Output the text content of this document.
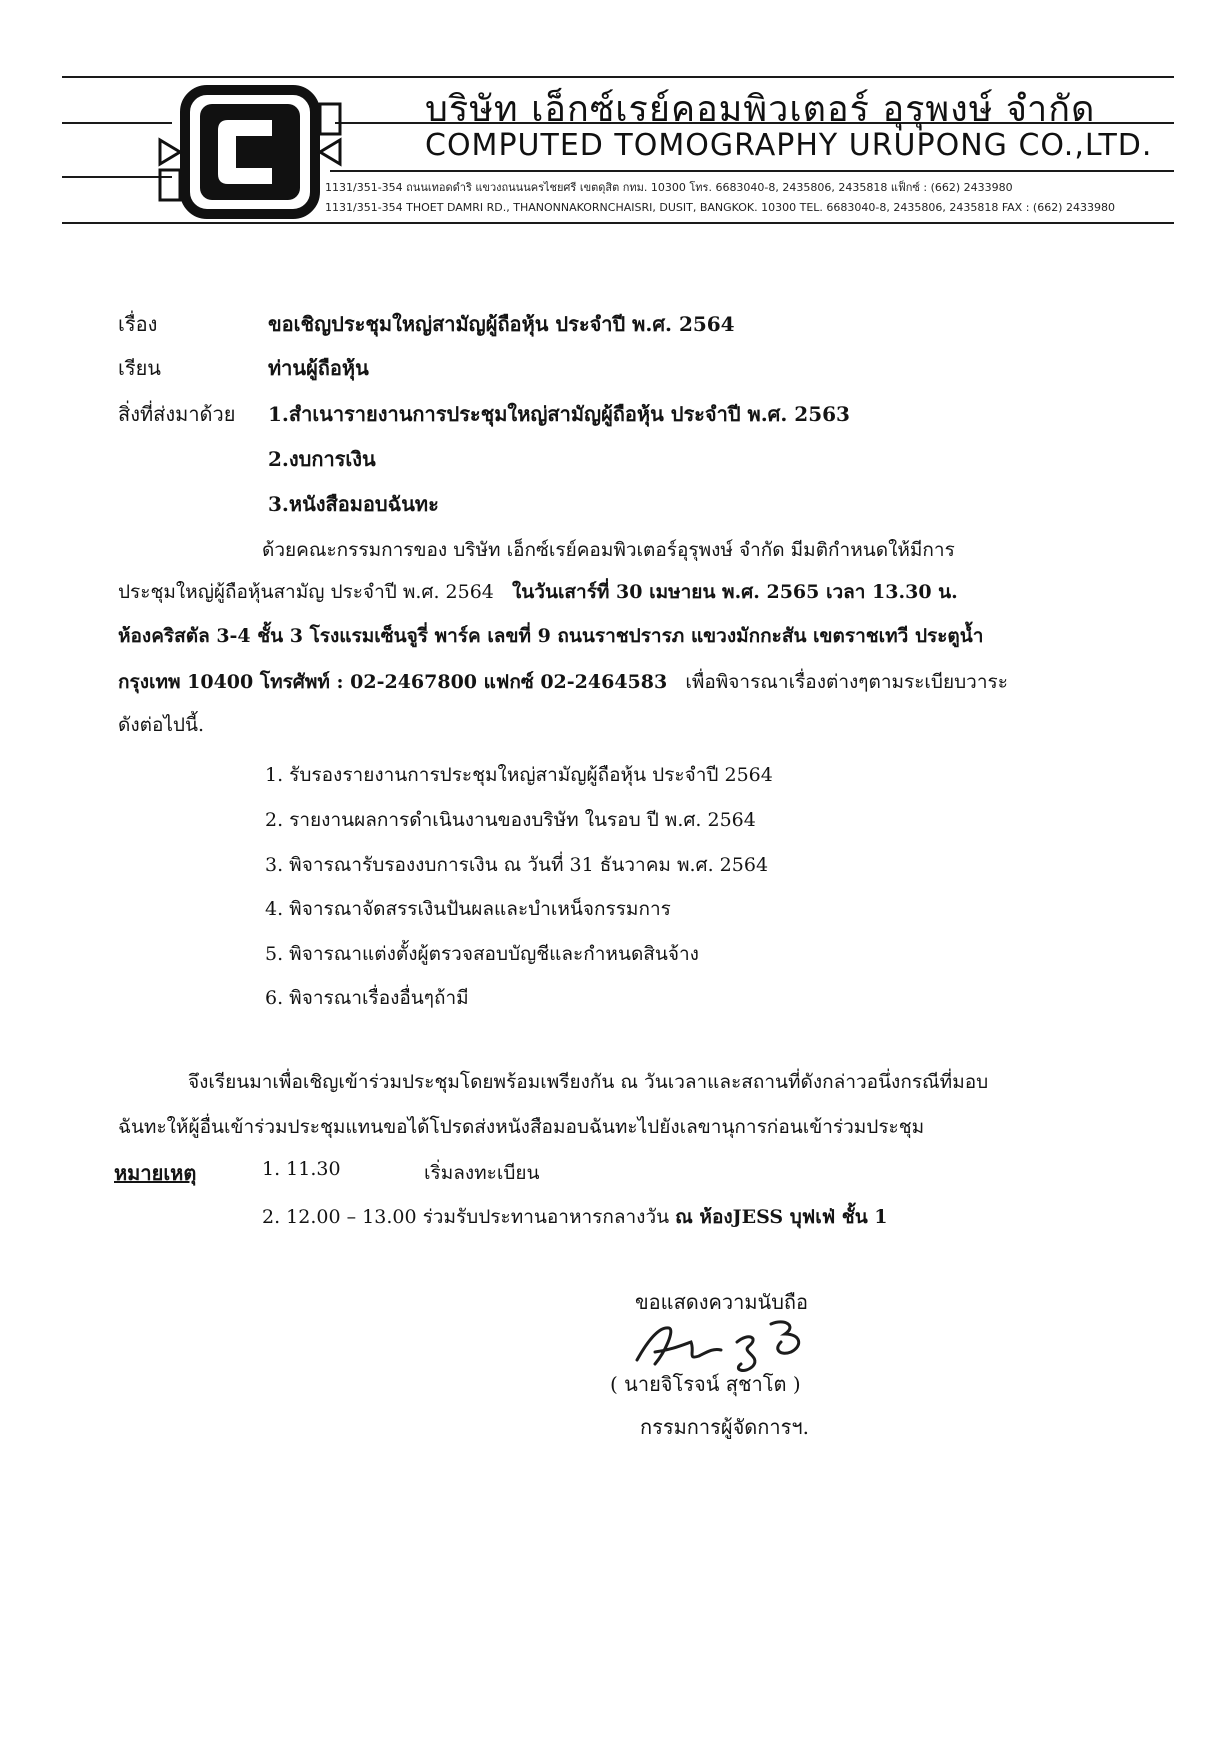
บริษัท เอ็กซ์เรย์คอมพิวเตอร์ อุรุพงษ์ จำกัด
COMPUTED TOMOGRAPHY URUPONG CO.,LTD.
1131/351-354 ถนนเทอดดำริ แขวงถนนนครไชยศรี เขตดุสิต กทม. 10300 โทร. 6683040-8, 2435806, 2435818 แฟ็กซ์ : (662) 2433980
1131/351-354 THOET DAMRI RD., THANONNAKORNCHAISRI, DUSIT, BANGKOK. 10300 TEL. 6683040-8, 2435806, 2435818 FAX : (662) 2433980
เรื่อง	ขอเชิญประชุมใหญ่สามัญผู้ถือหุ้น ประจำปี พ.ศ. 2564
เรียน	ท่านผู้ถือหุ้น
สิ่งที่ส่งมาด้วย 1.สำเนารายงานการประชุมใหญ่สามัญผู้ถือหุ้น ประจำปี พ.ศ. 2563
2.งบการเงิน
3.หนังสือมอบฉันทะ
ด้วยคณะกรรมการของ บริษัท เอ็กซ์เรย์คอมพิวเตอร์อุรุพงษ์ จำกัด มีมติกำหนดให้มีการ
ประชุมใหญ่ผู้ถือหุ้นสามัญ ประจำปี พ.ศ. 2564 ในวันเสาร์ที่ 30 เมษายน พ.ศ. 2565 เวลา 13.30 น.
ห้องคริสตัล 3-4 ชั้น 3 โรงแรมเซ็นจูรี่ พาร์ค เลขที่ 9 ถนนราชปรารภ แขวงมักกะสัน เขตราชเทวี ประตูน้ำ
กรุงเทพ 10400 โทรศัพท์ : 02-2467800 แฟกซ์ 02-2464583 เพื่อพิจารณาเรื่องต่างๆตามระเบียบวาระ
ดังต่อไปนี้.
1. รับรองรายงานการประชุมใหญ่สามัญผู้ถือหุ้น ประจำปี 2564
2. รายงานผลการดำเนินงานของบริษัท ในรอบ ปี พ.ศ. 2564
3. พิจารณารับรองงบการเงิน ณ วันที่ 31 ธันวาคม พ.ศ. 2564
4. พิจารณาจัดสรรเงินปันผลและบำเหน็จกรรมการ
5. พิจารณาแต่งตั้งผู้ตรวจสอบบัญชีและกำหนดสินจ้าง
6. พิจารณาเรื่องอื่นๆถ้ามี
จึงเรียนมาเพื่อเชิญเข้าร่วมประชุมโดยพร้อมเพรียงกัน ณ วันเวลาและสถานที่ดังกล่าวอนึ่งกรณีที่มอบ
ฉันทะให้ผู้อื่นเข้าร่วมประชุมแทนขอได้โปรดส่งหนังสือมอบฉันทะไปยังเลขานุการก่อนเข้าร่วมประชุม
หมายเหตุ	1. 11.30	เริ่มลงทะเบียน
2. 12.00 – 13.00 ร่วมรับประทานอาหารกลางวัน ณ ห้องJESS บุฟเฟ่ ชั้น 1
ขอแสดงความนับถือ
( นายจิโรจน์ สุชาโต )
กรรมการผู้จัดการฯ.
